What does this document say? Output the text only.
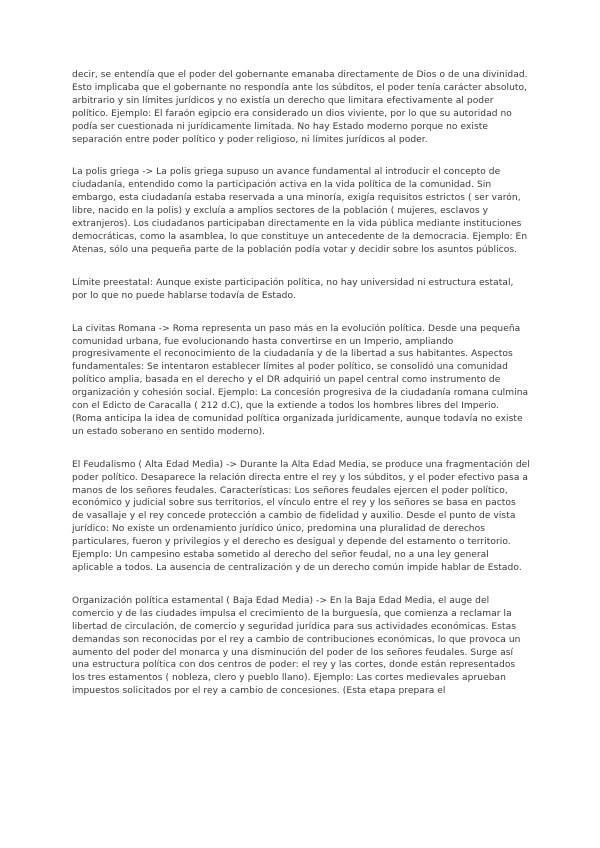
decir, se entendía que el poder del gobernante emanaba directamente de Dios o de una divinidad. Esto implicaba que el gobernante no respondía ante los súbditos, el poder tenía carácter absoluto, arbitrario y sin límites jurídicos y no existía un derecho que limitara efectivamente al poder político. Ejemplo: El faraón egipcio era considerado un dios viviente, por lo que su autoridad no podía ser cuestionada ni jurídicamente limitada. No hay Estado moderno porque no existe separación entre poder político y poder religioso, ni límites jurídicos al poder.

La polis griega -> La polis griega supuso un avance fundamental al introducir el concepto de ciudadanía, entendido como la participación activa en la vida política de la comunidad. Sin embargo, esta ciudadanía estaba reservada a una minoría, exigía requisitos estrictos ( ser varón, libre, nacido en la polis) y excluía a amplios sectores de la población ( mujeres, esclavos y extranjeros). Los ciudadanos participaban directamente en la vida pública mediante instituciones democráticas, como la asamblea, lo que constituye un antecedente de la democracia. Ejemplo: En Atenas, sólo una pequeña parte de la población podía votar y decidir sobre los asuntos públicos.

Límite preestatal: Aunque existe participación política, no hay universidad ni estructura estatal, por lo que no puede hablarse todavía de Estado.

La civitas Romana -> Roma representa un paso más en la evolución política. Desde una pequeña comunidad urbana, fue evolucionando hasta convertirse en un Imperio, ampliando progresivamente el reconocimiento de la ciudadanía y de la libertad a sus habitantes. Aspectos fundamentales: Se intentaron establecer límites al poder político, se consolidó una comunidad político amplia, basada en el derecho y el DR adquirió un papel central como instrumento de organización y cohesión social. Ejemplo: La concesión progresiva de la ciudadanía romana culmina con el Edicto de Caracalla ( 212 d.C), que la extiende a todos los hombres libres del Imperio. (Roma anticipa la idea de comunidad política organizada jurídicamente, aunque todavía no existe un estado soberano en sentido moderno).

El Feudalismo ( Alta Edad Media) -> Durante la Alta Edad Media, se produce una fragmentación del poder político. Desaparece la relación directa entre el rey y los súbditos, y el poder efectivo pasa a manos de los señores feudales. Características: Los señores feudales ejercen el poder político, económico y judicial sobre sus territorios, el vínculo entre el rey y los señores se basa en pactos de vasallaje y el rey concede protección a cambio de fidelidad y auxilio. Desde el punto de vista jurídico: No existe un ordenamiento jurídico único, predomina una pluralidad de derechos particulares, fueron y privilegios y el derecho es desigual y depende del estamento o territorio. Ejemplo: Un campesino estaba sometido al derecho del señor feudal, no a una ley general aplicable a todos. La ausencia de centralización y de un derecho común impide hablar de Estado.

Organización política estamental ( Baja Edad Media) -> En la Baja Edad Media, el auge del comercio y de las ciudades impulsa el crecimiento de la burguesía, que comienza a reclamar la libertad de circulación, de comercio y seguridad jurídica para sus actividades económicas. Estas demandas son reconocidas por el rey a cambio de contribuciones económicas, lo que provoca un aumento del poder del monarca y una disminución del poder de los señores feudales. Surge así una estructura política con dos centros de poder: el rey y las cortes, donde están representados los tres estamentos ( nobleza, clero y pueblo llano). Ejemplo: Las cortes medievales aprueban impuestos solicitados por el rey a cambio de concesiones. (Esta etapa prepara el
